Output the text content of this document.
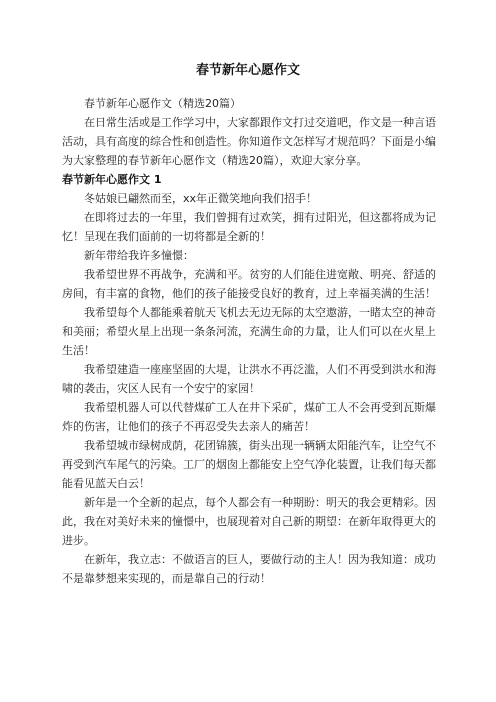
春节新年心愿作文

春节新年心愿作文（精选20篇）

在日常生活或是工作学习中，大家都跟作文打过交道吧，作文是一种言语活动，具有高度的综合性和创造性。你知道作文怎样写才规范吗？下面是小编为大家整理的春节新年心愿作文（精选20篇），欢迎大家分享。

春节新年心愿作文 1

冬姑娘已翩然而至，xx年正微笑地向我们招手！

在即将过去的一年里，我们曾拥有过欢笑，拥有过阳光，但这都将成为记忆！呈现在我们面前的一切将都是全新的！

新年带给我许多憧憬：

我希望世界不再战争，充满和平。贫穷的人们能住进宽敞、明亮、舒适的房间，有丰富的食物，他们的孩子能接受良好的教育，过上幸福美满的生活！

我希望每个人都能乘着航天飞机去无边无际的太空遨游，一睹太空的神奇和美丽；希望火星上出现一条条河流，充满生命的力量，让人们可以在火星上生活！

我希望建造一座座坚固的大堤，让洪水不再泛滥，人们不再受到洪水和海啸的袭击，灾区人民有一个安宁的家园！

我希望机器人可以代替煤矿工人在井下采矿，煤矿工人不会再受到瓦斯爆炸的伤害，让他们的孩子不再忍受失去亲人的痛苦！

我希望城市绿树成荫，花团锦簇，街头出现一辆辆太阳能汽车，让空气不再受到汽车尾气的污染。工厂的烟囱上都能安上空气净化装置，让我们每天都能看见蓝天白云！

新年是一个全新的起点，每个人都会有一种期盼：明天的我会更精彩。因此，我在对美好未来的憧憬中，也展现着对自己新的期望：在新年取得更大的进步。

在新年，我立志：不做语言的巨人，要做行动的主人！因为我知道：成功不是靠梦想来实现的，而是靠自己的行动！
